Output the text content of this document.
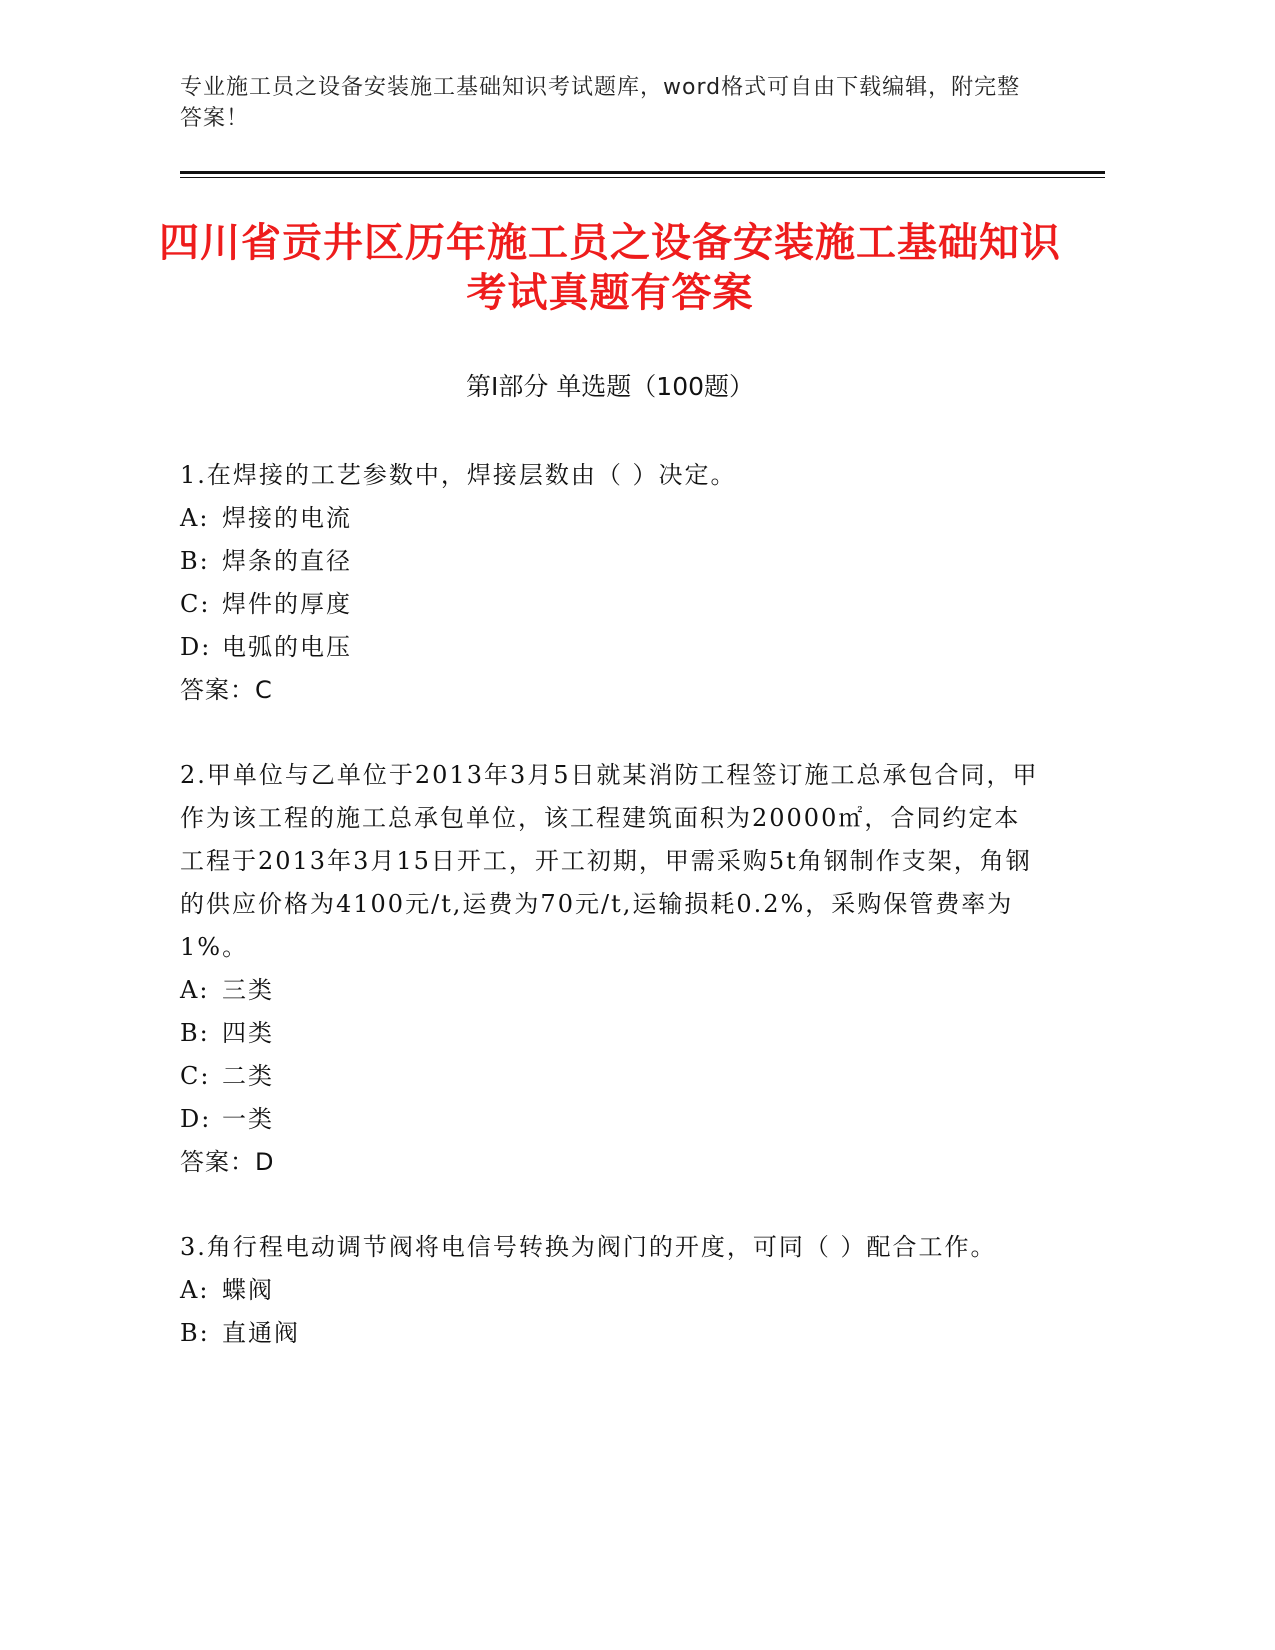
专业施工员之设备安装施工基础知识考试题库，word格式可自由下载编辑，附完整答案！
四川省贡井区历年施工员之设备安装施工基础知识考试真题有答案
第Ⅰ部分 单选题（100题）

1.在焊接的工艺参数中，焊接层数由（ ）决定。

A: 焊接的电流

B: 焊条的直径

C: 焊件的厚度

D: 电弧的电压

答案：C

2.甲单位与乙单位于2013年3月5日就某消防工程签订施工总承包合同，甲作为该工程的施工总承包单位，该工程建筑面积为20000㎡，合同约定本工程于2013年3月15日开工，开工初期，甲需采购5t角钢制作支架，角钢的供应价格为4100元/t,运费为70元/t,运输损耗0.2%，采购保管费率为1%。

A: 三类

B: 四类

C: 二类

D: 一类

答案：D

3.角行程电动调节阀将电信号转换为阀门的开度，可同（ ）配合工作。

A: 蝶阀

B: 直通阀
